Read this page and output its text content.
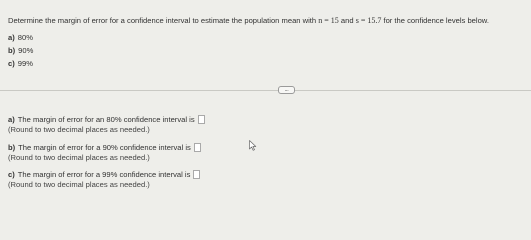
Determine the margin of error for a confidence interval to estimate the population mean with n = 15 and s = 15.7 for the confidence levels below.
a) 80%
b) 90%
c) 99%
...
a) The margin of error for an 80% confidence interval is
(Round to two decimal places as needed.)
b) The margin of error for a 90% confidence interval is
(Round to two decimal places as needed.)
c) The margin of error for a 99% confidence interval is
(Round to two decimal places as needed.)
